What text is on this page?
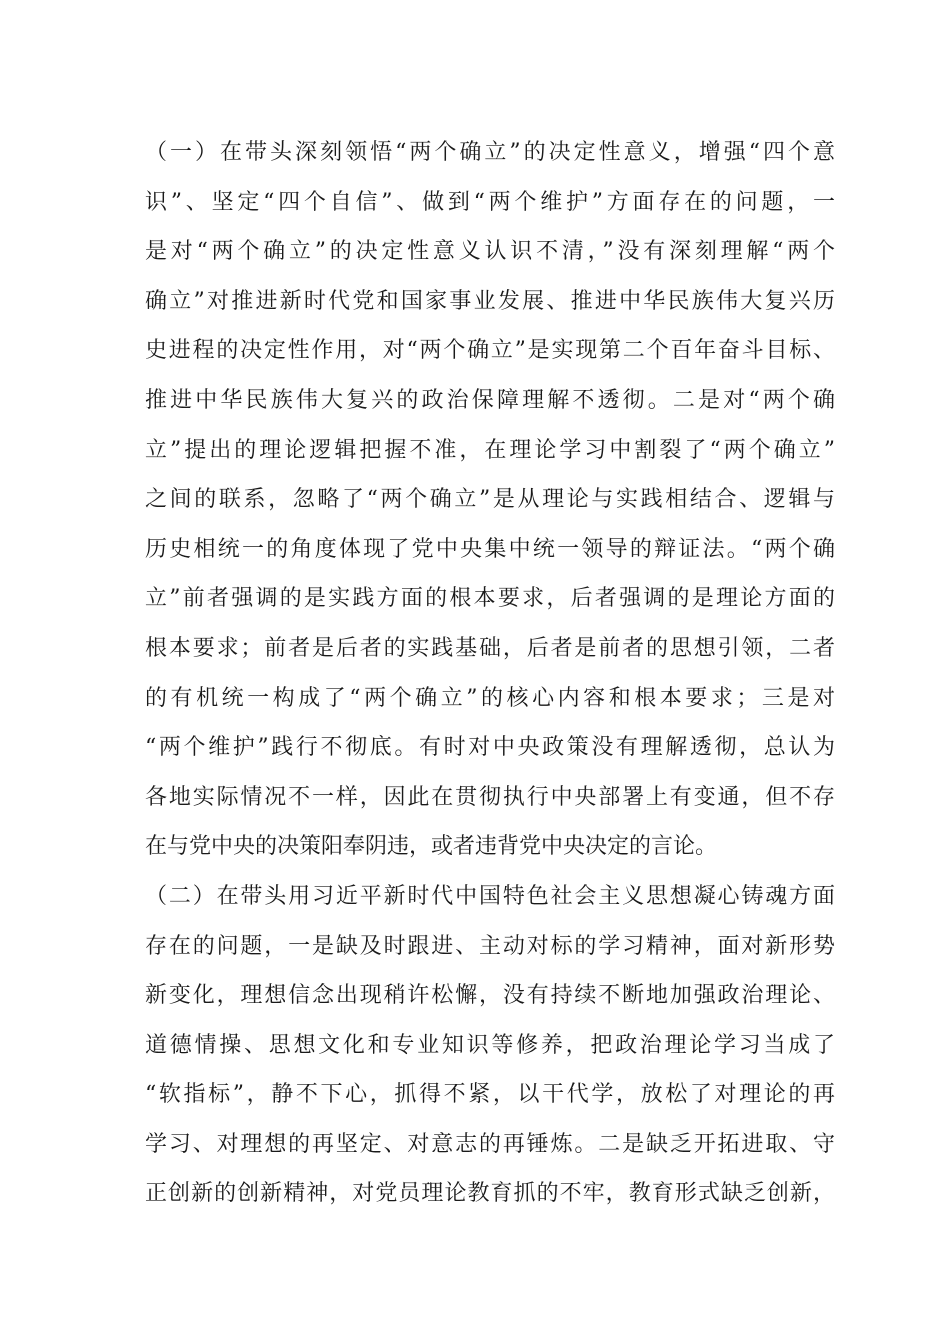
（一）在带头深刻领悟“两个确立”的决定性意义，增强“四个意
识”、坚定“四个自信”、做到“两个维护”方面存在的问题，一
是对“两个确立”的决定性意义认识不清，”没有深刻理解“两个
确立”对推进新时代党和国家事业发展、推进中华民族伟大复兴历
史进程的决定性作用，对“两个确立”是实现第二个百年奋斗目标、
推进中华民族伟大复兴的政治保障理解不透彻。二是对“两个确
立”提出的理论逻辑把握不准，在理论学习中割裂了“两个确立”
之间的联系，忽略了“两个确立”是从理论与实践相结合、逻辑与
历史相统一的角度体现了党中央集中统一领导的辩证法。“两个确
立”前者强调的是实践方面的根本要求，后者强调的是理论方面的
根本要求；前者是后者的实践基础，后者是前者的思想引领，二者
的有机统一构成了“两个确立”的核心内容和根本要求；三是对
“两个维护”践行不彻底。有时对中央政策没有理解透彻，总认为
各地实际情况不一样，因此在贯彻执行中央部署上有变通，但不存
在与党中央的决策阳奉阴违，或者违背党中央决定的言论。
（二）在带头用习近平新时代中国特色社会主义思想凝心铸魂方面
存在的问题，一是缺及时跟进、主动对标的学习精神，面对新形势
新变化，理想信念出现稍许松懈，没有持续不断地加强政治理论、
道德情操、思想文化和专业知识等修养，把政治理论学习当成了
“软指标”，静不下心，抓得不紧，以干代学，放松了对理论的再
学习、对理想的再坚定、对意志的再锤炼。二是缺乏开拓进取、守
正创新的创新精神，对党员理论教育抓的不牢，教育形式缺乏创新，
